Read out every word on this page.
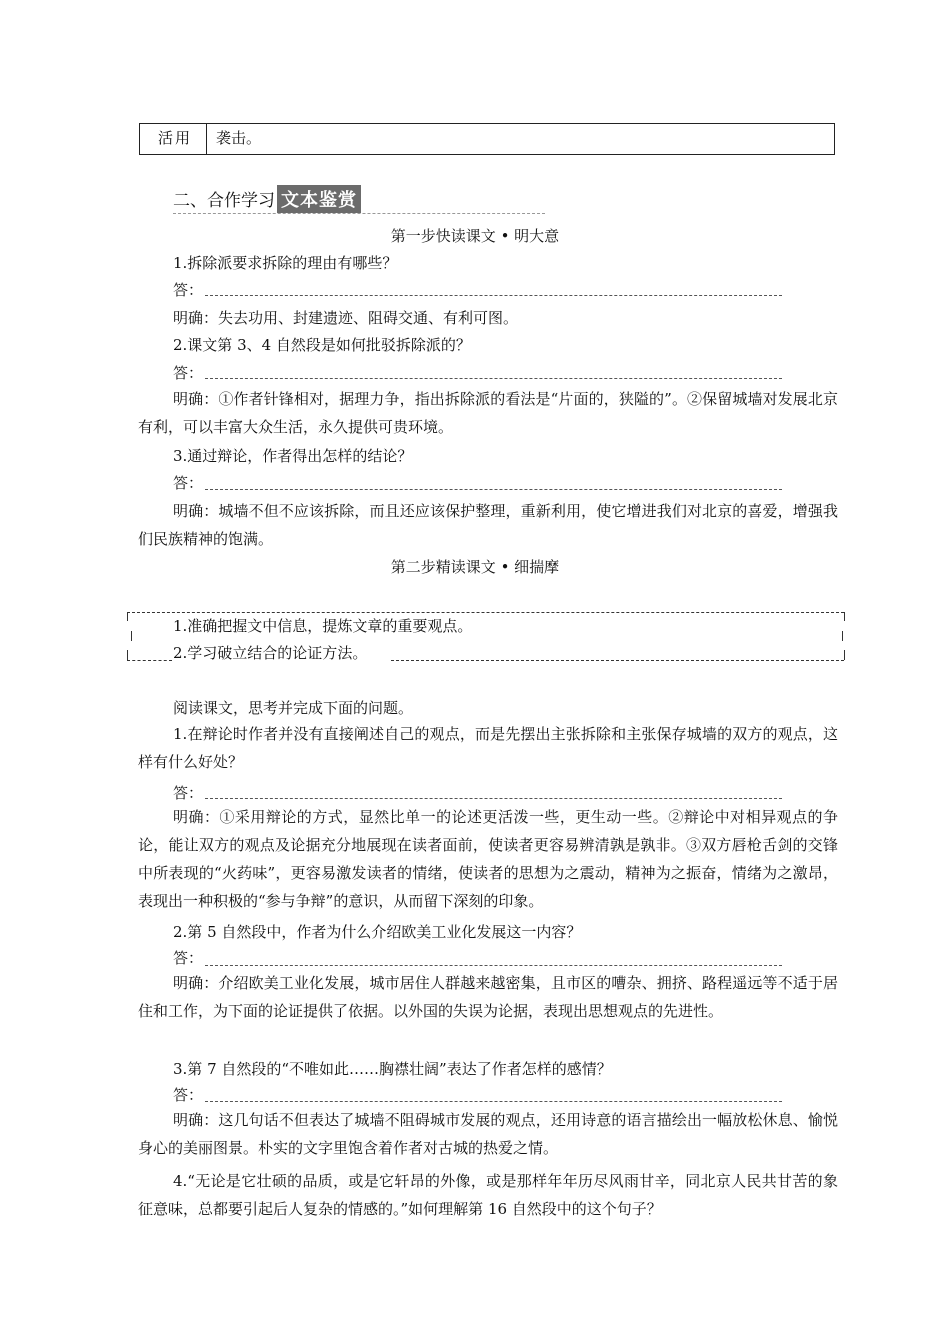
活用 袭击。
二、合作学习 文本鉴赏
第一步快读课文 • 明大意
1.拆除派要求拆除的理由有哪些？
答：
明确：失去功用、封建遗迹、阻碍交通、有利可图。
2.课文第 3、4 自然段是如何批驳拆除派的？
答：
明确：①作者针锋相对，据理力争，指出拆除派的看法是“片面的，狭隘的”。②保留城墙对发展北京有利，可以丰富大众生活，永久提供可贵环境。
3.通过辩论，作者得出怎样的结论？
答：
明确：城墙不但不应该拆除，而且还应该保护整理，重新利用，使它增进我们对北京的喜爱，增强我们民族精神的饱满。
第二步精读课文 • 细揣摩
1.准确把握文中信息，提炼文章的重要观点。
2.学习破立结合的论证方法。
阅读课文，思考并完成下面的问题。
1.在辩论时作者并没有直接阐述自己的观点，而是先摆出主张拆除和主张保存城墙的双方的观点，这样有什么好处？
答：
明确：①采用辩论的方式，显然比单一的论述更活泼一些，更生动一些。②辩论中对相异观点的争论，能让双方的观点及论据充分地展现在读者面前，使读者更容易辨清孰是孰非。③双方唇枪舌剑的交锋中所表现的“火药味”，更容易激发读者的情绪，使读者的思想为之震动，精神为之振奋，情绪为之激昂，表现出一种积极的“参与争辩”的意识，从而留下深刻的印象。
2.第 5 自然段中，作者为什么介绍欧美工业化发展这一内容？
答：
明确：介绍欧美工业化发展，城市居住人群越来越密集，且市区的嘈杂、拥挤、路程遥远等不适于居住和工作，为下面的论证提供了依据。以外国的失误为论据，表现出思想观点的先进性。
3.第 7 自然段的“不唯如此……胸襟壮阔”表达了作者怎样的感情？
答：
明确：这几句话不但表达了城墙不阻碍城市发展的观点，还用诗意的语言描绘出一幅放松休息、愉悦身心的美丽图景。朴实的文字里饱含着作者对古城的热爱之情。
4.“无论是它壮硕的品质，或是它轩昂的外像，或是那样年年历尽风雨甘辛，同北京人民共甘苦的象征意味，总都要引起后人复杂的情感的。”如何理解第 16 自然段中的这个句子？
